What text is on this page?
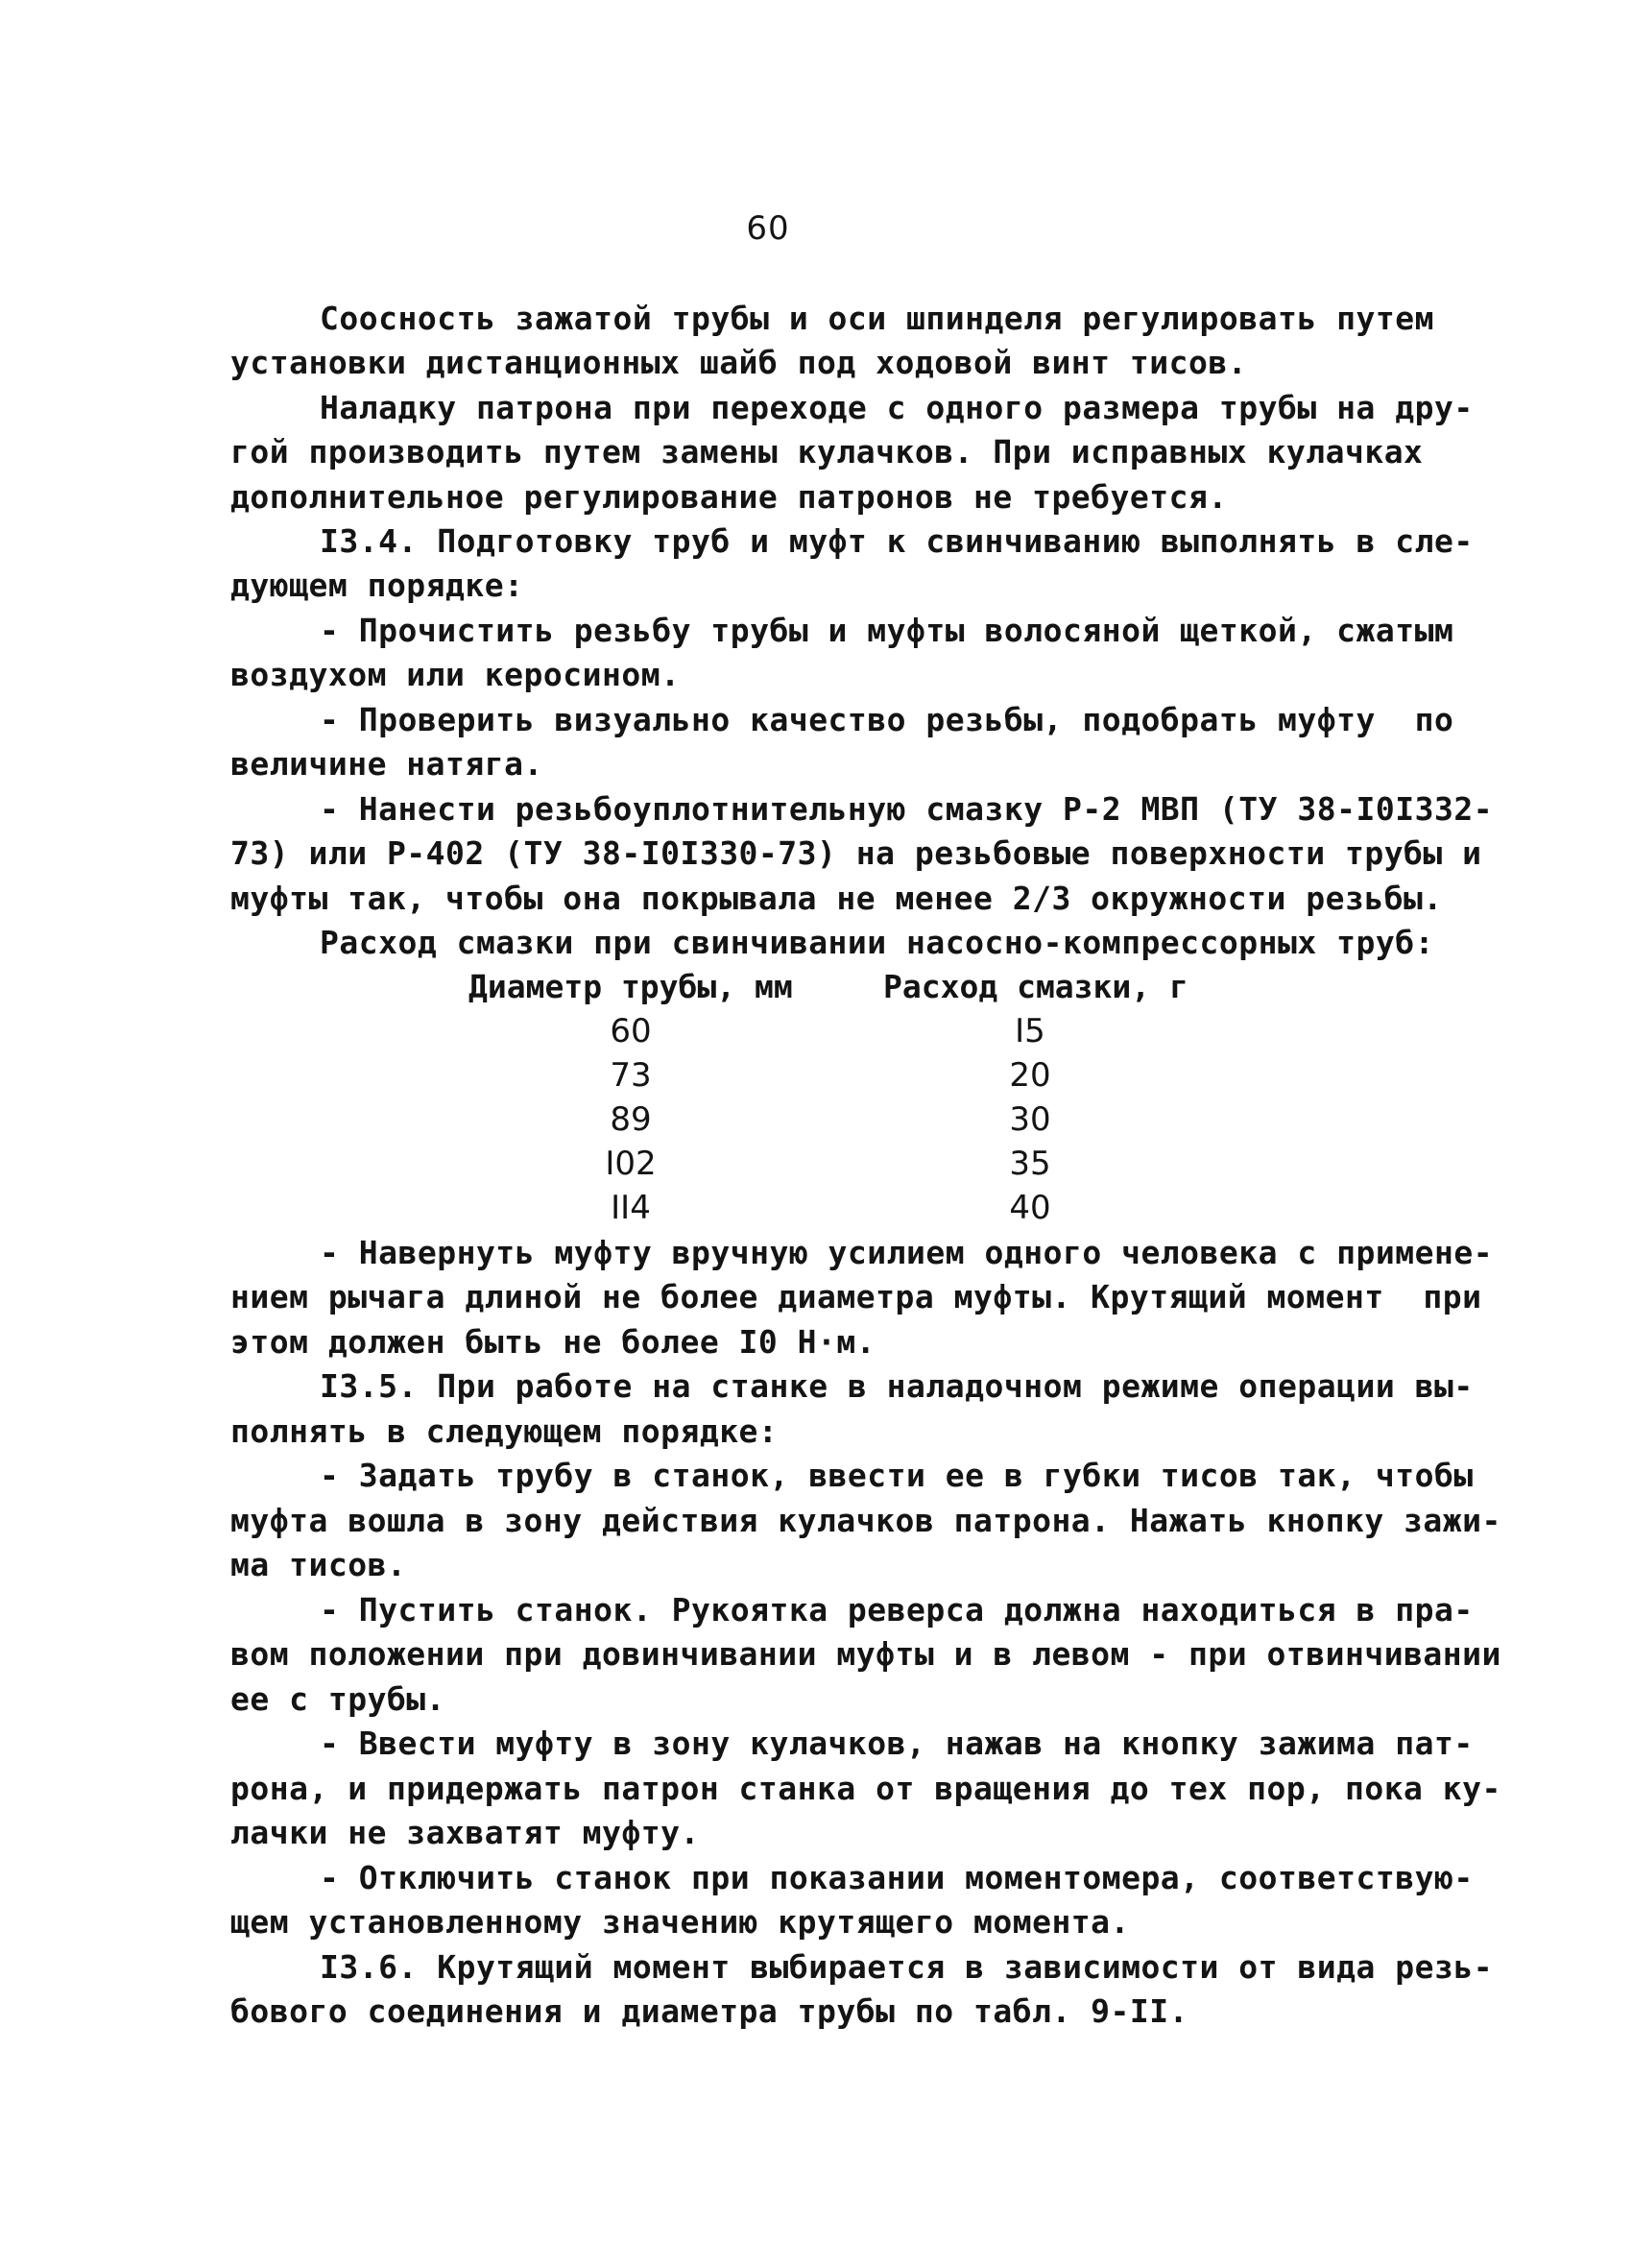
60
Соосность зажатой трубы и оси шпинделя регулировать путем
установки дистанционных шайб под ходовой винт тисов.
Наладку патрона при переходе с одного размера трубы на дру-
гой производить путем замены кулачков. При исправных кулачках
дополнительное регулирование патронов не требуется.
I3.4. Подготовку труб и муфт к свинчиванию выполнять в сле-
дующем порядке:
- Прочистить резьбу трубы и муфты волосяной щеткой, сжатым
воздухом или керосином.
- Проверить визуально качество резьбы, подобрать муфту  по
величине натяга.
- Нанести резьбоуплотнительную смазку Р-2 МВП (ТУ 38-I0I332-
73) или Р-402 (ТУ 38-I0I330-73) на резьбовые поверхности трубы и
муфты так, чтобы она покрывала не менее 2/3 окружности резьбы.
Расход смазки при свинчивании насосно-компрессорных труб:
Диаметр трубы, мм	Расход смазки, г
60	I5
73	20
89	30
I02	35
II4	40
- Навернуть муфту вручную усилием одного человека с примене-
нием рычага длиной не более диаметра муфты. Крутящий момент  при
этом должен быть не более I0 Н·м.
I3.5. При работе на станке в наладочном режиме операции вы-
полнять в следующем порядке:
- Задать трубу в станок, ввести ее в губки тисов так, чтобы
муфта вошла в зону действия кулачков патрона. Нажать кнопку зажи-
ма тисов.
- Пустить станок. Рукоятка реверса должна находиться в пра-
вом положении при довинчивании муфты и в левом - при отвинчивании
ее с трубы.
- Ввести муфту в зону кулачков, нажав на кнопку зажима пат-
рона, и придержать патрон станка от вращения до тех пор, пока ку-
лачки не захватят муфту.
- Отключить станок при показании моментомера, соответствую-
щем установленному значению крутящего момента.
I3.6. Крутящий момент выбирается в зависимости от вида резь-
бового соединения и диаметра трубы по табл. 9-II.
